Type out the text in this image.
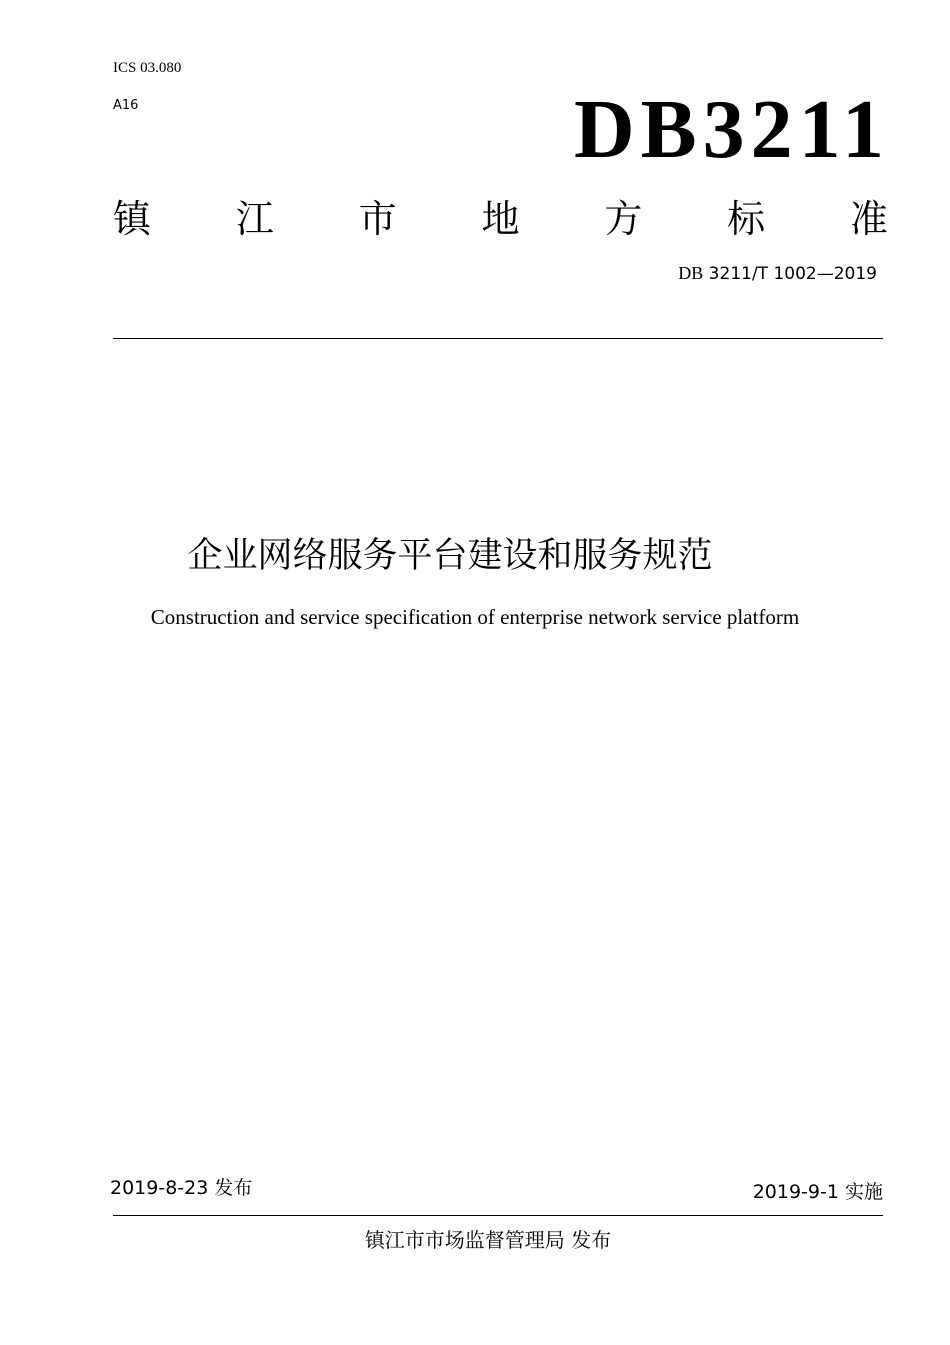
ICS 03.080
A16	DB3211
镇 江 市 地 方 标 准
DB 3211/T 1002—2019
企业网络服务平台建设和服务规范
Construction and service specification of enterprise network service platform
2019-8-23 发布	2019-9-1 实施
镇江市市场监督管理局 发布
